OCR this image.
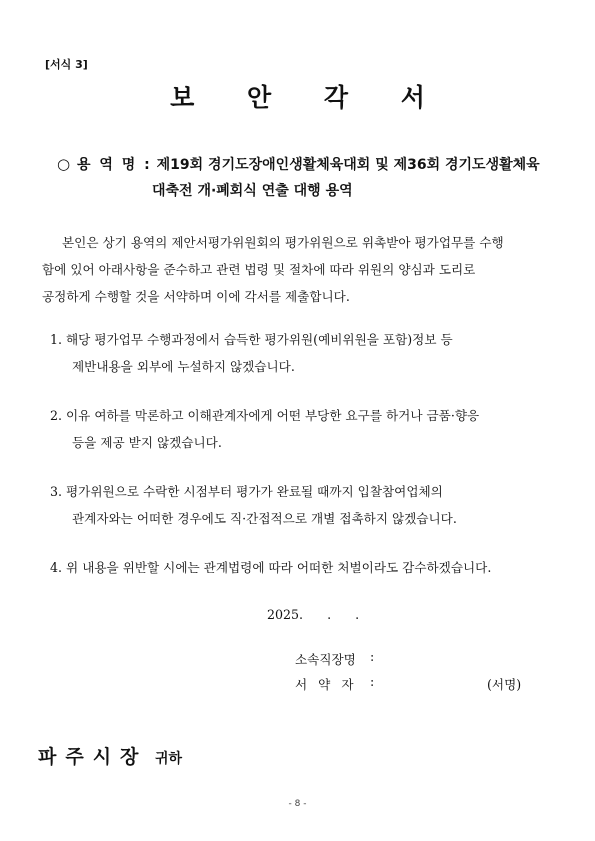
[서식 3]
보 안 각 서
○ 용 역 명 : 제19회 경기도장애인생활체육대회 및 제36회 경기도생활체육
대축전 개·폐회식 연출 대행 용역
본인은 상기 용역의 제안서평가위원회의 평가위원으로 위촉받아 평가업무를 수행
함에 있어 아래사항을 준수하고 관련 법령 및 절차에 따라 위원의 양심과 도리로
공정하게 수행할 것을 서약하며 이에 각서를 제출합니다.
1. 해당 평가업무 수행과정에서 습득한 평가위원(예비위원을 포함)정보 등
제반내용을 외부에 누설하지 않겠습니다.
2. 이유 여하를 막론하고 이해관계자에게 어떤 부당한 요구를 하거나 금품·향응
등을 제공 받지 않겠습니다.
3. 평가위원으로 수락한 시점부터 평가가 완료될 때까지 입찰참여업체의
관계자와는 어떠한 경우에도 직·간접적으로 개별 접촉하지 않겠습니다.
4. 위 내용을 위반할 시에는 관계법령에 따라 어떠한 처벌이라도 감수하겠습니다.
2025.      .      .
소속직장명 :
서약자 :	(서명)
파주시장 귀하
- 8 -
